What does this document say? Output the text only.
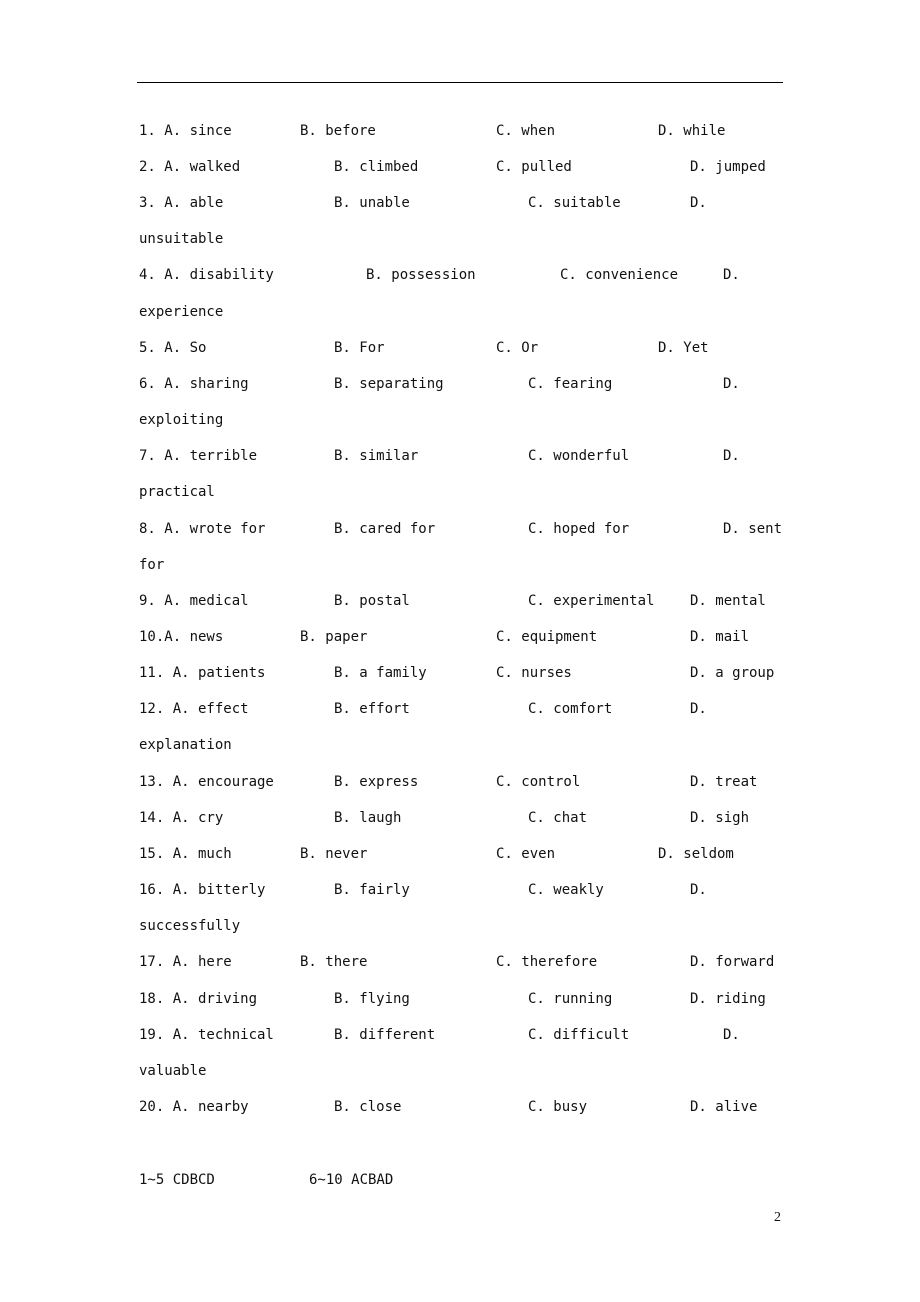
1. A. since	B. before	C. when	D. while
2. A. walked	B. climbed	C. pulled	D. jumped
3. A. able	B. unable	C. suitable	D.
unsuitable
4. A. disability	B. possession	C. convenience	D.
experience
5. A. So	B. For	C. Or	D. Yet
6. A. sharing	B. separating	C. fearing	D.
exploiting
7. A. terrible	B. similar	C. wonderful	D.
practical
8. A. wrote for	B. cared for	C. hoped for	D. sent
for
9. A. medical	B. postal	C. experimental	D. mental
10.A. news	B. paper	C. equipment	D. mail
11. A. patients	B. a family	C. nurses	D. a group
12. A. effect	B. effort	C. comfort	D.
explanation
13. A. encourage	B. express	C. control	D. treat
14. A. cry	B. laugh	C. chat	D. sigh
15. A. much	B. never	C. even	D. seldom
16. A. bitterly	B. fairly	C. weakly	D.
successfully
17. A. here	B. there	C. therefore	D. forward
18. A. driving	B. flying	C. running	D. riding
19. A. technical	B. different	C. difficult	D.
valuable
20. A. nearby	B. close	C. busy	D. alive
1~5 CDBCD	6~10 ACBAD
2
